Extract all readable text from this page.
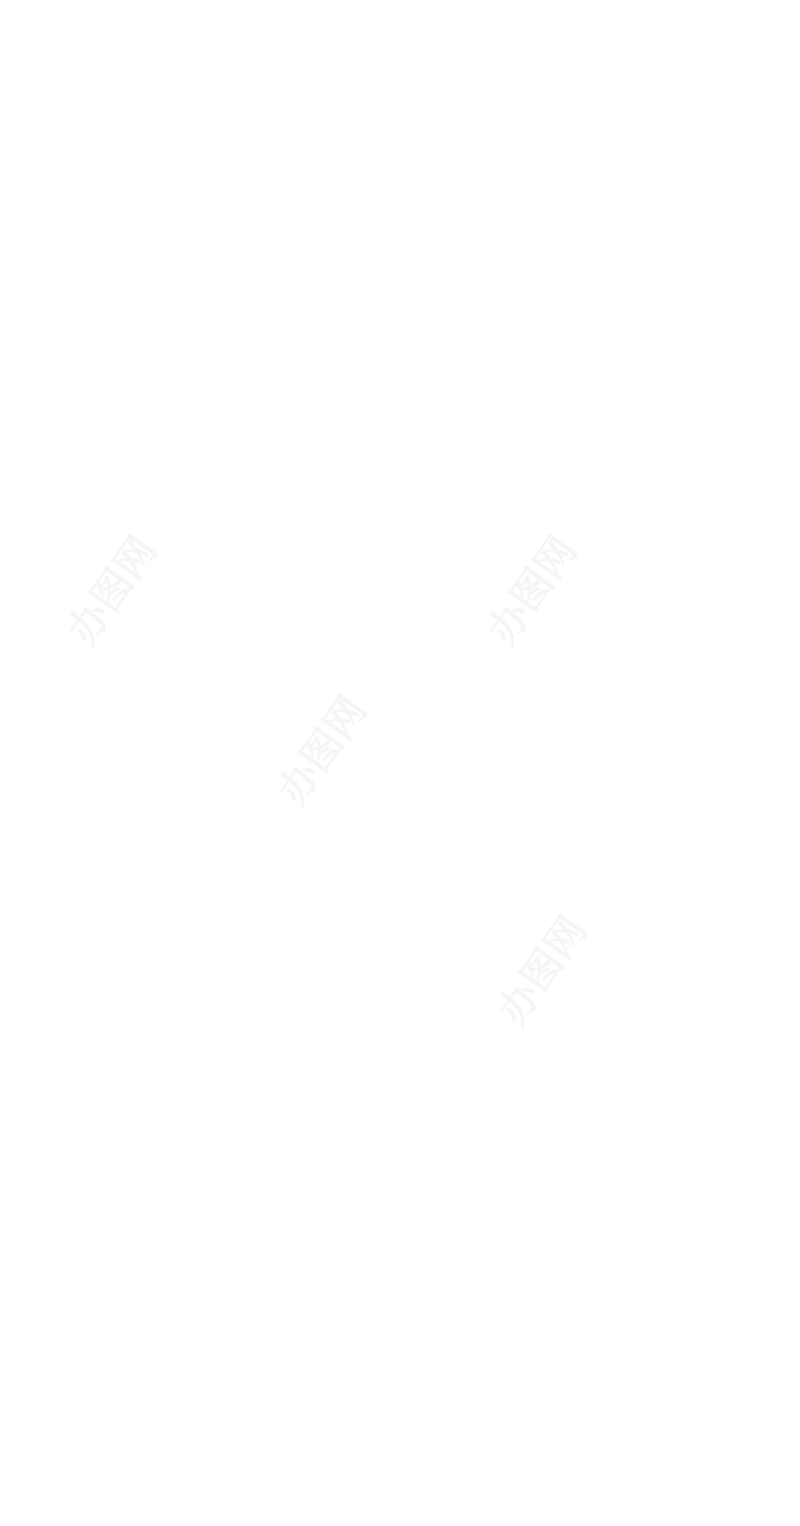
办图网	办图网
办图网
办图网
